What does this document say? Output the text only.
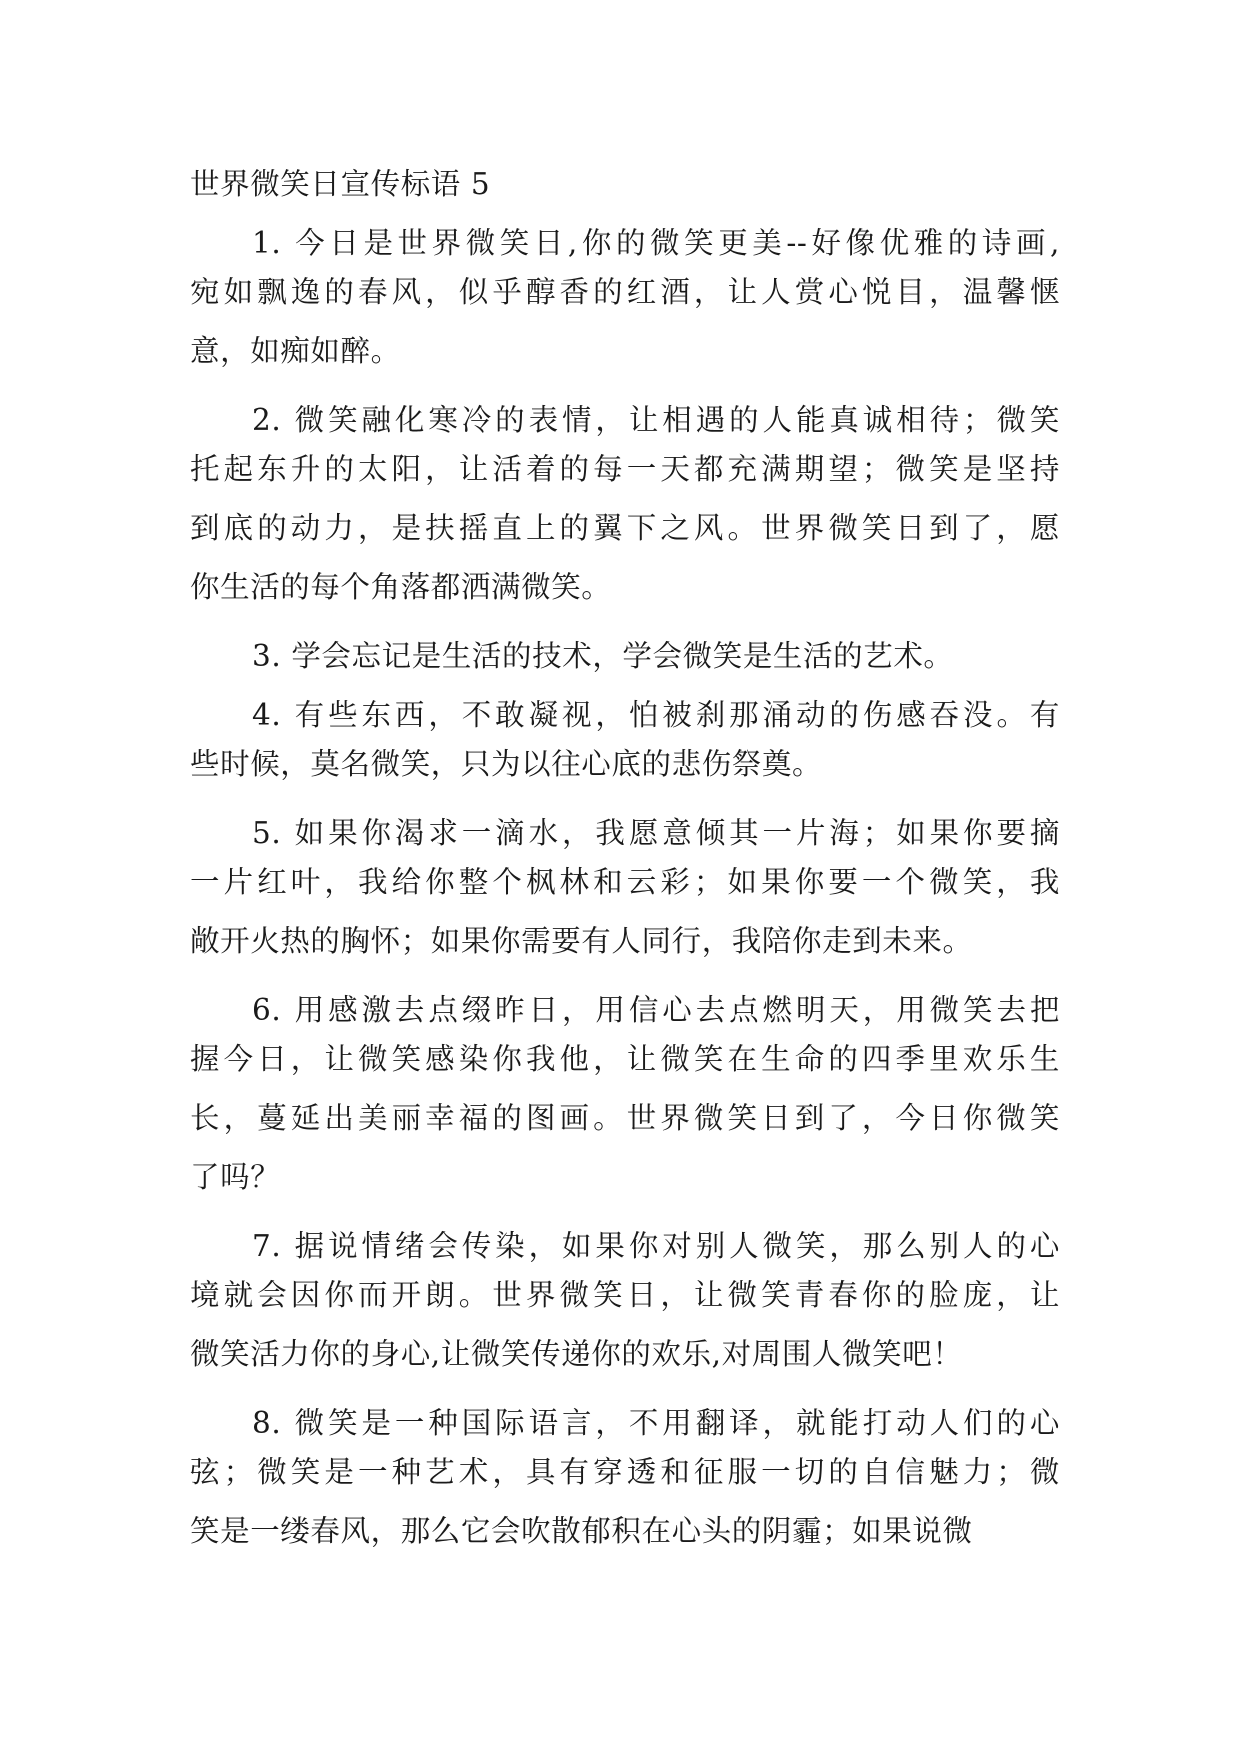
世界微笑日宣传标语 5

1. 今日是世界微笑日,你的微笑更美--好像优雅的诗画,
宛如飘逸的春风，似乎醇香的红酒，让人赏心悦目，温馨惬
意，如痴如醉。

2. 微笑融化寒冷的表情，让相遇的人能真诚相待；微笑
托起东升的太阳，让活着的每一天都充满期望；微笑是坚持
到底的动力，是扶摇直上的翼下之风。世界微笑日到了，愿
你生活的每个角落都洒满微笑。

3. 学会忘记是生活的技术，学会微笑是生活的艺术。

4. 有些东西，不敢凝视，怕被刹那涌动的伤感吞没。有
些时候，莫名微笑，只为以往心底的悲伤祭奠。

5. 如果你渴求一滴水，我愿意倾其一片海；如果你要摘
一片红叶，我给你整个枫林和云彩；如果你要一个微笑，我
敞开火热的胸怀；如果你需要有人同行，我陪你走到未来。

6. 用感激去点缀昨日，用信心去点燃明天，用微笑去把
握今日，让微笑感染你我他，让微笑在生命的四季里欢乐生
长，蔓延出美丽幸福的图画。世界微笑日到了，今日你微笑
了吗？

7. 据说情绪会传染，如果你对别人微笑，那么别人的心
境就会因你而开朗。世界微笑日，让微笑青春你的脸庞，让
微笑活力你的身心,让微笑传递你的欢乐,对周围人微笑吧！

8. 微笑是一种国际语言，不用翻译，就能打动人们的心
弦；微笑是一种艺术，具有穿透和征服一切的自信魅力；微
笑是一缕春风，那么它会吹散郁积在心头的阴霾；如果说微
